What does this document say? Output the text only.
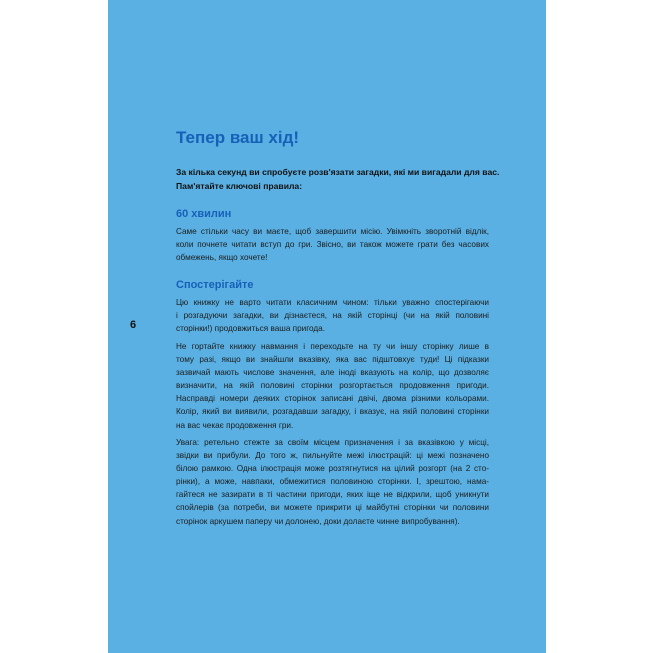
Тепер ваш хід!

За кілька секунд ви спробуєте розв'язати загадки, які ми вигадали для вас.
Пам'ятайте ключові правила:

60 хвилин

Саме стільки часу ви маєте, щоб завершити місію. Увімкніть зворотній відлік,
коли почнете читати вступ до гри. Звісно, ви також можете грати без часових
обмежень, якщо хочете!

Спостерігайте

Цю книжку не варто читати класичним чином: тільки уважно спостерігаючи
і розгадуючи загадки, ви дізнаєтеся, на якій сторінці (чи на якій половині
сторінки!) продовжиться ваша пригода.

Не гортайте книжку навмання і переходьте на ту чи іншу сторінку лише в
тому разі, якщо ви знайшли вказівку, яка вас підштовхує туди! Ці підказки
зазвичай мають числове значення, але іноді вказують на колір, що дозволяє
визначити, на якій половині сторінки розгортається продовження пригоди.
Насправді номери деяких сторінок записані двічі, двома різними кольорами.
Колір, який ви виявили, розгадавши загадку, і вказує, на якій половині сторінки
на вас чекає продовження гри.

Увага: ретельно стежте за своїм місцем призначення і за вказівкою у місці,
звідки ви прибули. До того ж, пильнуйте межі ілюстрацій: ці межі позначено
білою рамкою. Одна ілюстрація може розтягнутися на цілий розгорт (на 2 сто-
рінки), а може, навпаки, обмежитися половиною сторінки. І, зрештою, нама-
гайтеся не зазирати в ті частини пригоди, яких іще не відкрили, щоб уникнути
спойлерів (за потреби, ви можете прикрити ці майбутні сторінки чи половини
сторінок аркушем паперу чи долонею, доки долаєте чинне випробування).

6
